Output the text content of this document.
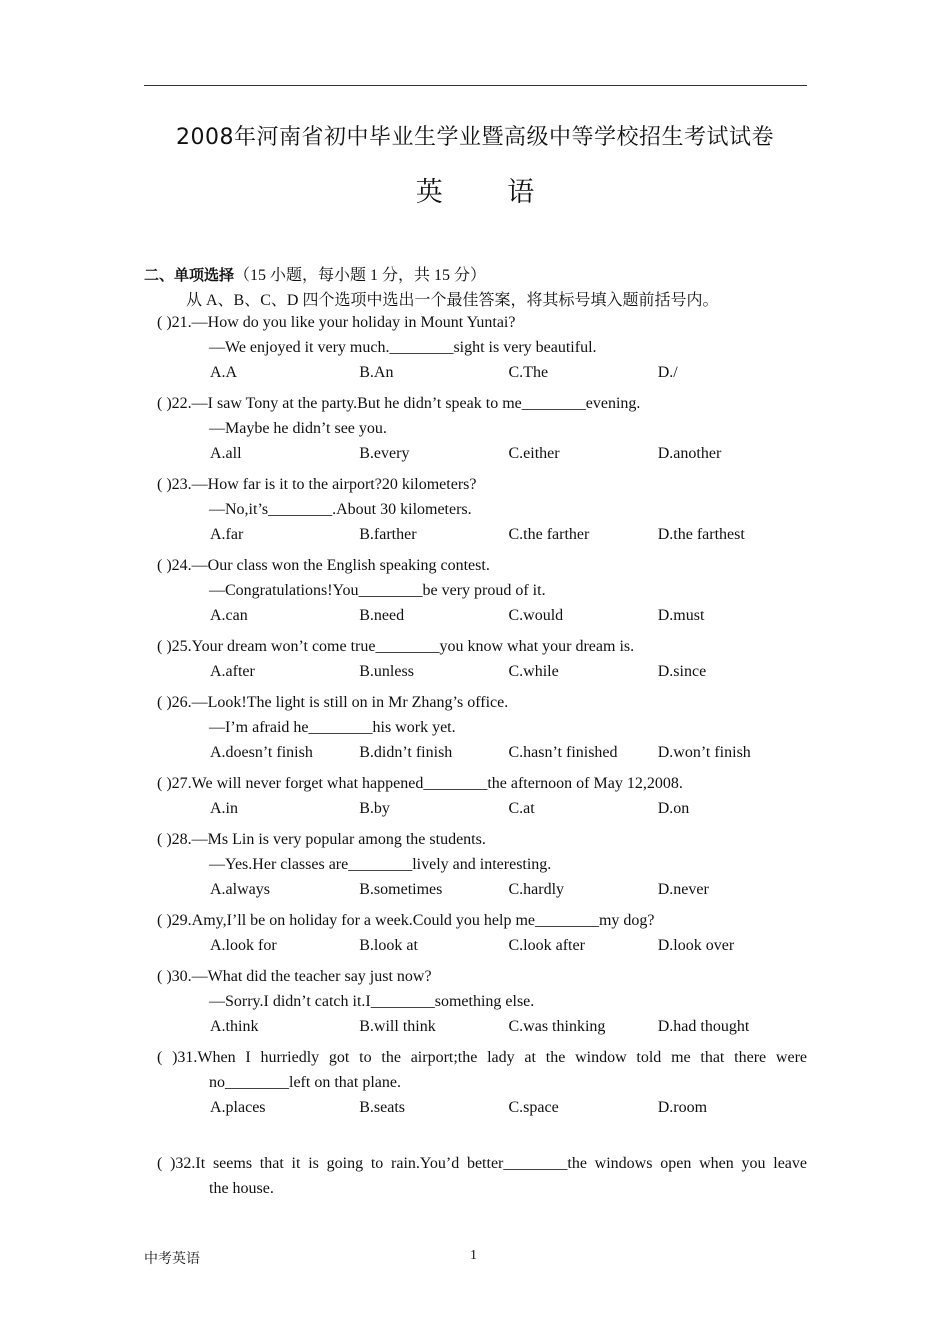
2008年河南省初中毕业生学业暨高级中等学校招生考试试卷
英 语
二、单项选择（15 小题，每小题 1 分，共 15 分）
从 A、B、C、D 四个选项中选出一个最佳答案，将其标号填入题前括号内。
( )21.—How do you like your holiday in Mount Yuntai?
—We enjoyed it very much.________sight is very beautiful.
A.A	B.An	C.The	D./
( )22.—I saw Tony at the party.But he didn’t speak to me________evening.
—Maybe he didn’t see you.
A.all	B.every	C.either	D.another
( )23.—How far is it to the airport?20 kilometers?
—No,it’s________.About 30 kilometers.
A.far	B.farther	C.the farther	D.the farthest
( )24.—Our class won the English speaking contest.
—Congratulations!You________be very proud of it.
A.can	B.need	C.would	D.must
( )25.Your dream won’t come true________you know what your dream is.
A.after	B.unless	C.while	D.since
( )26.—Look!The light is still on in Mr Zhang’s office.
—I’m afraid he________his work yet.
A.doesn’t finish	B.didn’t finish	C.hasn’t finished	D.won’t finish
( )27.We will never forget what happened________the afternoon of May 12,2008.
A.in	B.by	C.at	D.on
( )28.—Ms Lin is very popular among the students.
—Yes.Her classes are________lively and interesting.
A.always	B.sometimes	C.hardly	D.never
( )29.Amy,I’ll be on holiday for a week.Could you help me________my dog?
A.look for	B.look at	C.look after	D.look over
( )30.—What did the teacher say just now?
—Sorry.I didn’t catch it.I________something else.
A.think	B.will think	C.was thinking	D.had thought
( )31.When I hurriedly got to the airport;the lady at the window told me that there were
no________left on that plane.
A.places	B.seats	C.space	D.room
( )32.It seems that it is going to rain.You’d better________the windows open when you leave
the house.
中考英语	1
